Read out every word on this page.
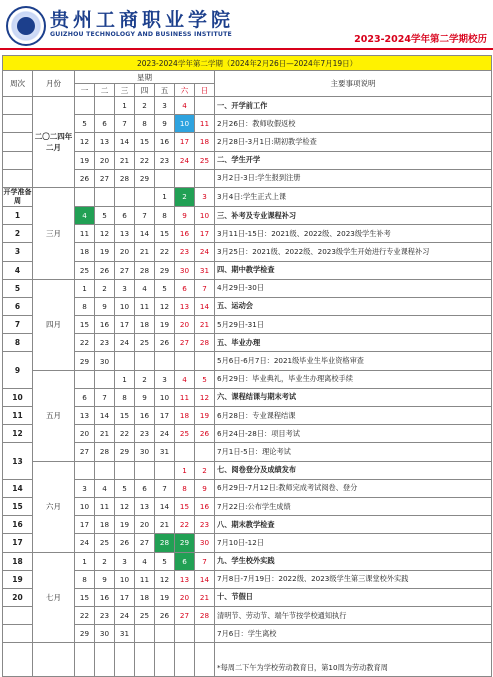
贵州工商职业学院
GUIZHOU TECHNOLOGY AND BUSINESS INSTITUTE	2023-2024学年第二学期校历
2023-2024学年第二学期（2024年2月26日—2024年7月19日）									
周次	月份	星期							主要事项说明
		一	二	三	四	五	六	日	
	二〇二四年
二月			1	2	3	4		一、开学前工作
		5	6	7	8	9	10	11	2月26日：教师收假返校
		12	13	14	15	16	17	18	2月28日-3月1日:期初教学检查
		19	20	21	22	23	24	25	二、学生开学
		26	27	28	29				3月2日-3日:学生报到注册
开学准备周	三月					1	2	3	3月4日:学生正式上课
1		4	5	6	7	8	9	10	三、补考及专业课程补习
2		11	12	13	14	15	16	17	3月11日-15日：2021级、2022级、2023级学生补考
3		18	19	20	21	22	23	24	3月25日：2021级、2022级、2023级学生开始进行专业课程补习
4		25	26	27	28	29	30	31	四、期中教学检查
5	四月	1	2	3	4	5	6	7	4月29日-30日
6		8	9	10	11	12	13	14	五、运动会
7		15	16	17	18	19	20	21	5月29日-31日
8		22	23	24	25	26	27	28	五、毕业办理
9		29	30						5月6日-6月7日：2021级毕业生毕业资格审查
	五月			1	2	3	4	5	6月29日：毕业典礼，毕业生办理离校手续
10		6	7	8	9	10	11	12	六、课程结课与期末考试
11		13	14	15	16	17	18	19	6月28日：专业课程结课
12		20	21	22	23	24	25	26	6月24日-28日：项目考试
13		27	28	29	30	31			7月1日-5日：理论考试
	六月						1	2	七、阅卷登分及成绩发布
14		3	4	5	6	7	8	9	6月29日-7月12日:教师完成考试阅卷、登分
15		10	11	12	13	14	15	16	7月22日:公布学生成绩
16		17	18	19	20	21	22	23	八、期末教学检查
17		24	25	26	27	28	29	30	7月10日-12日
18	七月	1	2	3	4	5	6	7	九、学生校外实践
19		8	9	10	11	12	13	14	7月8日-7月19日：2022级、2023级学生第三课堂校外实践
20		15	16	17	18	19	20	21	十、节假日
		22	23	24	25	26	27	28	清明节、劳动节、端午节按学校通知执行
		29	30	31					7月6日：学生离校
									*每周二下午为学校劳动教育日，第10周为劳动教育周
